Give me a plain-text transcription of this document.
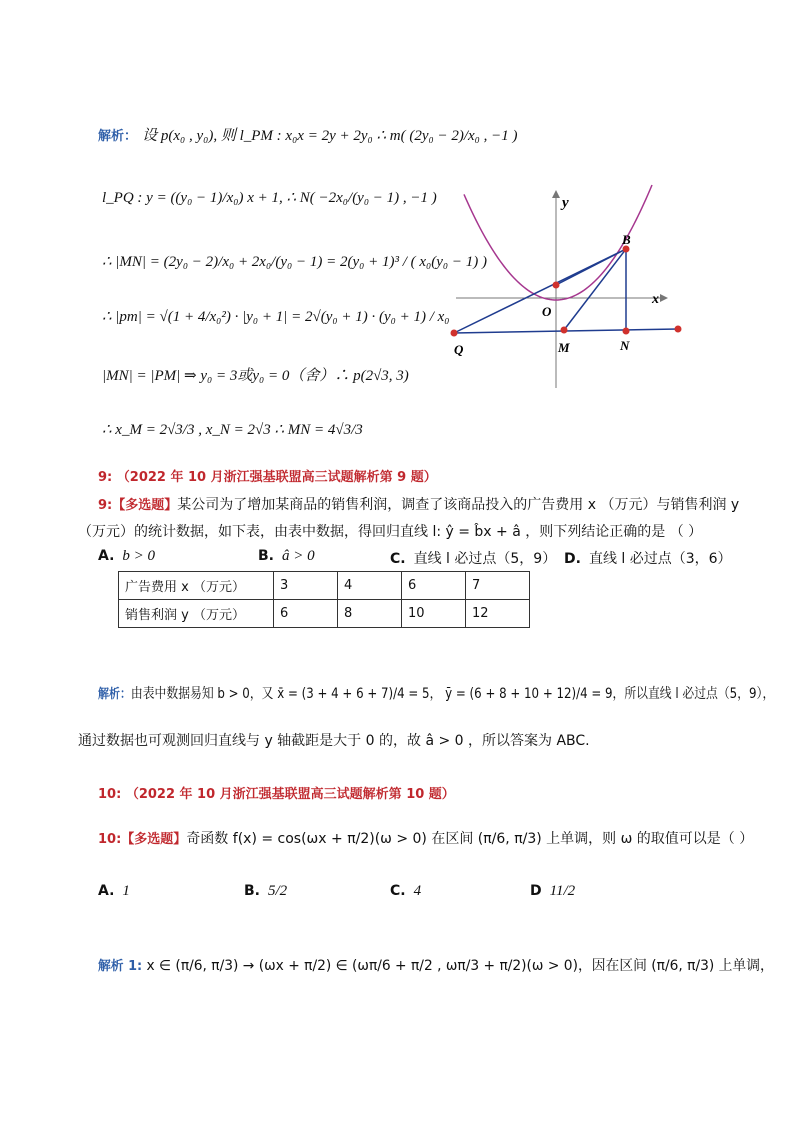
解析： 设 p(x₀ , y₀), 则 l_PM : x₀x = 2y + 2y₀ ∴ m( (2y₀ − 2)/x₀ , −1 )
l_PQ : y = ((y₀ − 1)/x₀) x + 1, ∴ N( −2x₀/(y₀ − 1) , −1 )
∴ |MN| = (2y₀ − 2)/x₀ + 2x₀/(y₀ − 1) = 2(y₀ + 1)³ / ( x₀(y₀ − 1) )
∴ |pm| = √(1 + 4/x₀²) · |y₀ + 1| = 2√(y₀ + 1) · (y₀ + 1) / x₀
|MN| = |PM| ⇒ y₀ = 3或y₀ = 0（舍）∴ p(2√3, 3)
∴ x_M = 2√3/3 , x_N = 2√3 ∴ MN = 4√3/3
y
x
B
O
Q	M	N
9: （2022 年 10 月浙江强基联盟高三试题解析第 9 题）
9:【多选题】某公司为了增加某商品的销售利润，调查了该商品投入的广告费用 x （万元）与销售利润 y
（万元）的统计数据，如下表，由表中数据，得回归直线 l: ŷ = b̂x + â ，则下列结论正确的是 （ ）
A. b > 0	B. â > 0	C. 直线 l 必过点（5，9） D. 直线 l 必过点（3，6）
广告费用 x （万元）	3	4	6	7
销售利润 y （万元）	6	8	10	12
解析：由表中数据易知 b > 0，又 x̄ = (3 + 4 + 6 + 7)/4 = 5， ȳ = (6 + 8 + 10 + 12)/4 = 9，所以直线 l 必过点（5，9），
通过数据也可观测回归直线与 y 轴截距是大于 0 的，故 â > 0 ，所以答案为 ABC.
10: （2022 年 10 月浙江强基联盟高三试题解析第 10 题）
10:【多选题】奇函数 f(x) = cos(ωx + π/2)(ω > 0) 在区间 (π/6, π/3) 上单调，则 ω 的取值可以是（ ）
A. 1	B. 5/2	C. 4	D 11/2
解析 1: x ∈ (π/6, π/3) → (ωx + π/2) ∈ (ωπ/6 + π/2 , ωπ/3 + π/2)(ω > 0)，因在区间 (π/6, π/3) 上单调，
